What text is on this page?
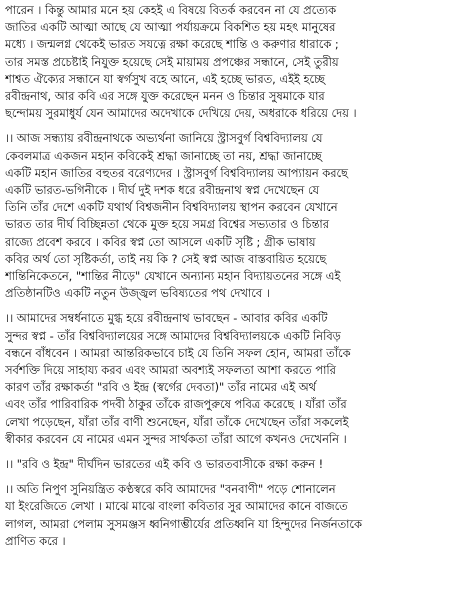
পারেন । কিন্তু আমার মনে হয় কেহই এ বিষয়ে বিতর্ক করবেন না যে প্রত্যেক
জাতির একটি আত্মা আছে যে আত্মা পর্যায়ক্রমে বিকশিত হয় মহৎ মানুষের
মধ্যে । জন্মলগ্ন থেকেই ভারত সযত্নে রক্ষা করেছে শান্তি ও করুণার ধারাকে ;
তার সমস্ত প্রচেষ্টাই নিযুক্ত হয়েছে সেই মায়াময় প্রপঞ্চের সন্ধানে, সেই তুরীয়
শাশ্বত ঐক্যের সন্ধানে যা স্বর্গসুখ বহে আনে, এই হচ্ছে ভারত, এইই হচ্ছে
রবীন্দ্রনাথ, আর কবি এর সঙ্গে যুক্ত করেছেন মনন ও চিন্তার সুষমাকে যার
ছন্দোময় সুরমাধুর্য যেন আমাদের অদেখাকে দেখিয়ে দেয়, অধরাকে ধরিয়ে দেয় ।

।। আজ সন্ধ্যায় রবীন্দ্রনাথকে অভ্যর্থনা জানিয়ে স্ট্রাসবুর্গ বিশ্ববিদ্যালয় যে
কেবলমাত্র একজন মহান কবিকেই শ্রদ্ধা জানাচ্ছে তা নয়, শ্রদ্ধা জানাচ্ছে
একটি মহান জাতির বহুতর বরেণ্যদের । স্ট্রাসবুর্গ বিশ্ববিদ্যালয় আপ্যায়ন করছে
একটি ভারত-ভগিনীকে । দীর্ঘ দুই দশক ধরে রবীন্দ্রনাথ স্বপ্ন দেখেছেন যে
তিনি তাঁর দেশে একটি যথার্থ বিশ্বজনীন বিশ্ববিদ্যালয় স্থাপন করবেন যেখানে
ভারত তার দীর্ঘ বিচ্ছিন্নতা থেকে মুক্ত হয়ে সমগ্র বিশ্বের সভ্যতার ও চিন্তার
রাজ্যে প্রবেশ করবে । কবির স্বপ্ন তো আসলে একটি সৃষ্টি ; গ্রীক ভাষায়
কবির অর্থ তো সৃষ্টিকর্তা, তাই নয় কি ? সেই স্বপ্ন আজ বাস্তবায়িত হয়েছে
শান্তিনিকেতনে, "শান্তির নীড়ে" যেখানে অন্যান্য মহান বিদ্যায়তনের সঙ্গে এই
প্রতিষ্ঠানটিও একটি নতুন উজ্জ্বল ভবিষ্যতের পথ দেখাবে ।

।। আমাদের সম্বর্ধনাতে মুগ্ধ হয়ে রবীন্দ্রনাথ ভাবছেন - আবার কবির একটি
সুন্দর স্বপ্ন - তাঁর বিশ্ববিদ্যালয়ের সঙ্গে আমাদের বিশ্ববিদ্যালয়কে একটি নিবিড়
বন্ধনে বাঁধবেন । আমরা আন্তরিকভাবে চাই যে তিনি সফল হোন, আমরা তাঁকে
সর্বশক্তি দিয়ে সাহায্য করব এবং আমরা অবশ্যই সফলতা আশা করতে পারি
কারণ তাঁর রক্ষাকর্তা "রবি ও ইন্দ্র (স্বর্গের দেবতা)" তাঁর নামের এই অর্থ
এবং তাঁর পারিবারিক পদবী ঠাকুর তাঁকে রাজপুরুষে পবিত্র করেছে । যাঁরা তাঁর
লেখা পড়েছেন, যাঁরা তাঁর বাণী শুনেছেন, যাঁরা তাঁকে দেখেছেন তাঁরা সকলেই
স্বীকার করবেন যে নামের এমন সুন্দর সার্থকতা তাঁরা আগে কখনও দেখেননি ।

।। "রবি ও ইন্দ্র" দীর্ঘদিন ভারতের এই কবি ও ভারতবাসীকে রক্ষা করুন !

।। অতি নিপুণ সুনিয়ন্ত্রিত কণ্ঠস্বরে কবি আমাদের "বনবাণী" পড়ে শোনালেন
যা ইংরেজিতে লেখা । মাঝে মাঝে বাংলা কবিতার সুর আমাদের কানে বাজতে
লাগল, আমরা পেলাম সুসমঞ্জস ধ্বনিগাম্ভীর্যের প্রতিধ্বনি যা হিন্দুদের নির্জনতাকে
প্রাণিত করে ।
